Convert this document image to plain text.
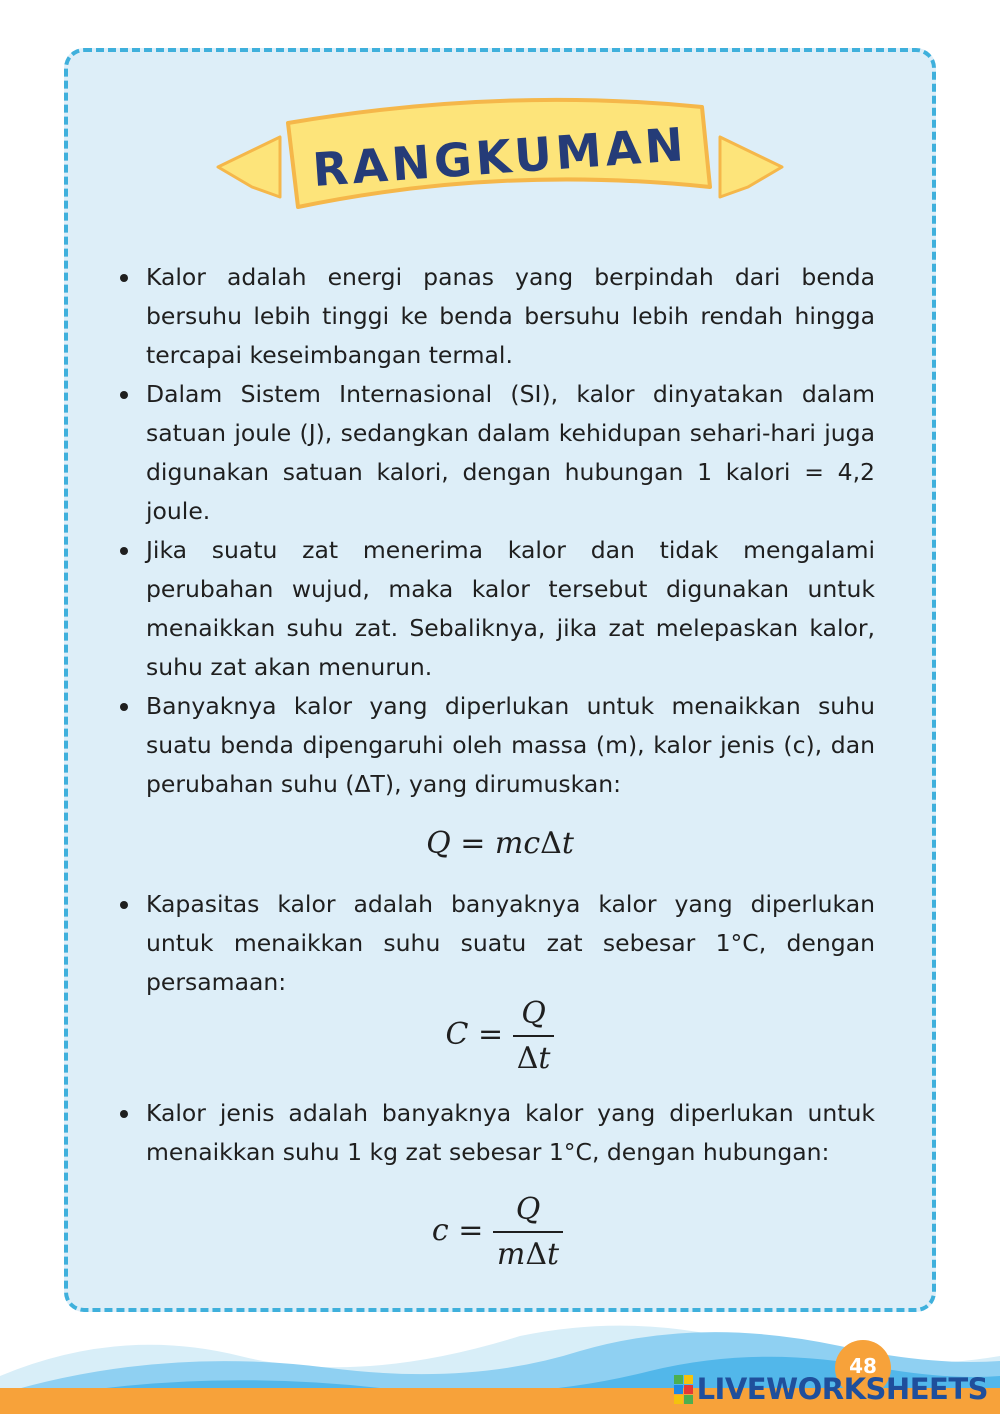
RANGKUMAN
Kalor adalah energi panas yang berpindah dari benda bersuhu lebih tinggi ke benda bersuhu lebih rendah hingga tercapai keseimbangan termal.
Dalam Sistem Internasional (SI), kalor dinyatakan dalam satuan joule (J), sedangkan dalam kehidupan sehari-hari juga digunakan satuan kalori, dengan hubungan 1 kalori = 4,2 joule.
Jika suatu zat menerima kalor dan tidak mengalami perubahan wujud, maka kalor tersebut digunakan untuk menaikkan suhu zat. Sebaliknya, jika zat melepaskan kalor, suhu zat akan menurun.
Banyaknya kalor yang diperlukan untuk menaikkan suhu suatu benda dipengaruhi oleh massa (m), kalor jenis (c), dan perubahan suhu (ΔT), yang dirumuskan:
Q = mcΔt
Kapasitas kalor adalah banyaknya kalor yang diperlukan untuk menaikkan suhu suatu zat sebesar 1°C, dengan persamaan:
$C = \frac{Q}{\Delta t}$
Kalor jenis adalah banyaknya kalor yang diperlukan untuk menaikkan suhu 1 kg zat sebesar 1°C, dengan hubungan:
$c = \frac{Q}{\text{mΔt}}$
48
LIVEWORKSHEETS
